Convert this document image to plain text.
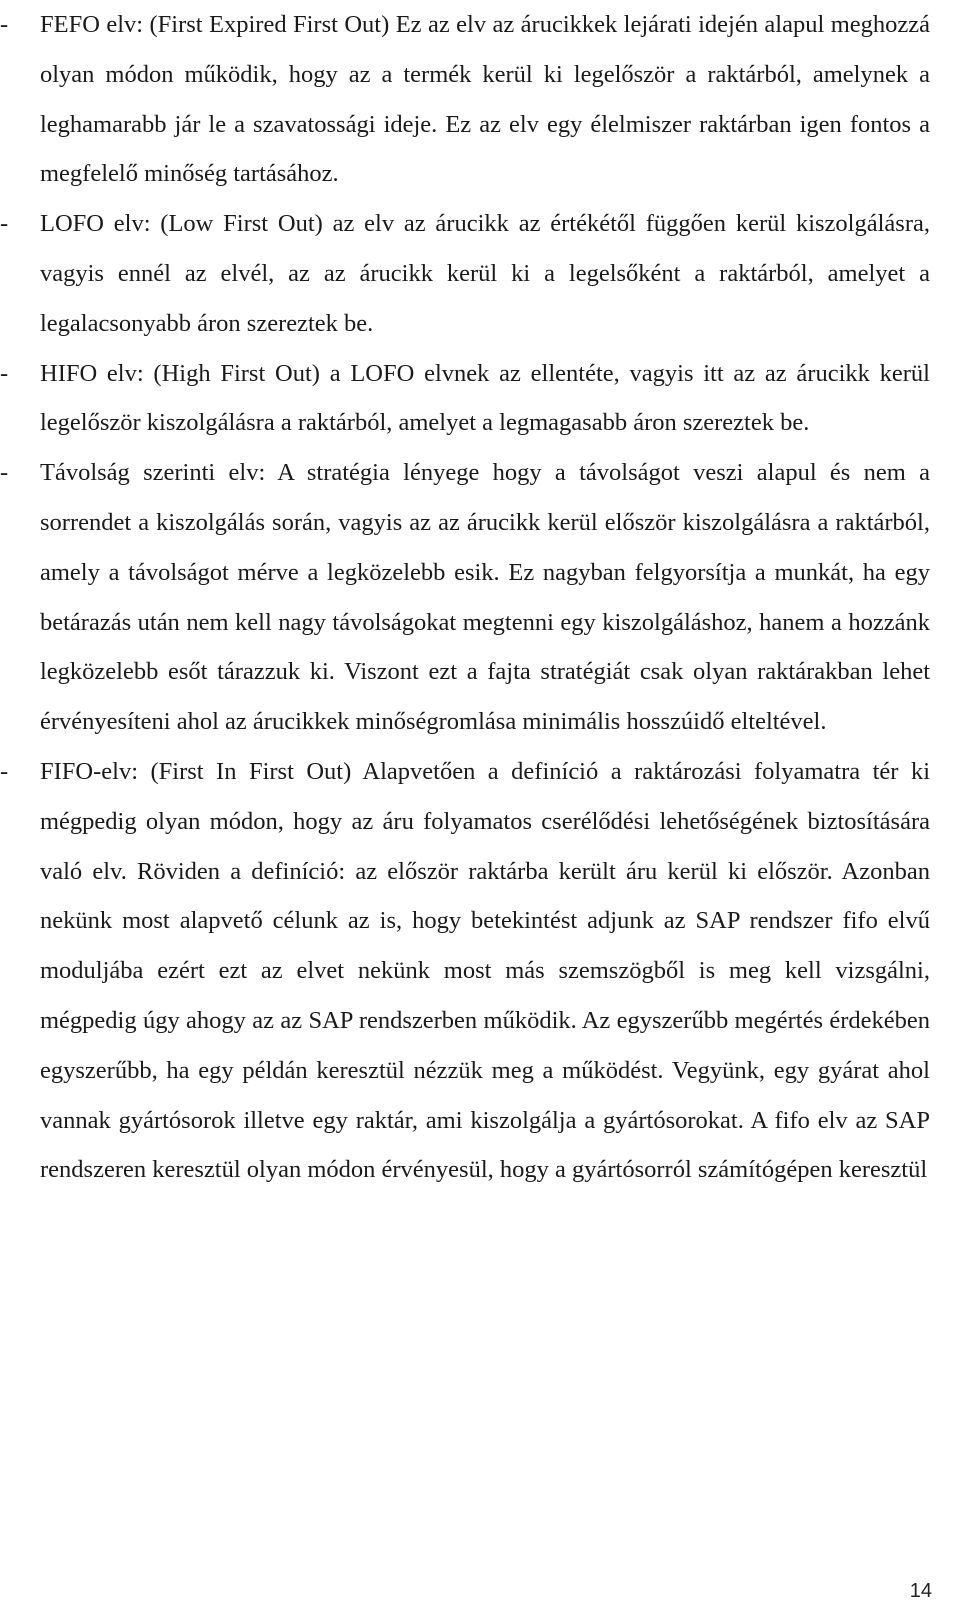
- FEFO elv: (First Expired First Out) Ez az elv az árucikkek lejárati idején alapul meghozzá olyan módon működik, hogy az a termék kerül ki legelőször a raktárból, amelynek a leghamarabb jár le a szavatossági ideje. Ez az elv egy élelmiszer raktárban igen fontos a megfelelő minőség tartásához.
- LOFO elv: (Low First Out) az elv az árucikk az értékétől függően kerül kiszolgálásra, vagyis ennél az elvél, az az árucikk kerül ki a legelsőként a raktárból, amelyet a legalacsonyabb áron szereztek be.
- HIFO elv: (High First Out) a LOFO elvnek az ellentéte, vagyis itt az az árucikk kerül legelőször kiszolgálásra a raktárból, amelyet a legmagasabb áron szereztek be.
- Távolság szerinti elv: A stratégia lényege hogy a távolságot veszi alapul és nem a sorrendet a kiszolgálás során, vagyis az az árucikk kerül először kiszolgálásra a raktárból, amely a távolságot mérve a legközelebb esik. Ez nagyban felgyorsítja a munkát, ha egy betárazás után nem kell nagy távolságokat megtenni egy kiszolgáláshoz, hanem a hozzánk legközelebb esőt tárazzuk ki. Viszont ezt a fajta stratégiát csak olyan raktárakban lehet érvényesíteni ahol az árucikkek minőségromlása minimális hosszúidő elteltével.
- FIFO-elv: (First In First Out) Alapvetően a definíció a raktározási folyamatra tér ki mégpedig olyan módon, hogy az áru folyamatos cserélődési lehetőségének biztosítására való elv. Röviden a definíció: az először raktárba került áru kerül ki először. Azonban nekünk most alapvető célunk az is, hogy betekintést adjunk az SAP rendszer fifo elvű moduljába ezért ezt az elvet nekünk most más szemszögből is meg kell vizsgálni, mégpedig úgy ahogy az az SAP rendszerben működik. Az egyszerűbb megértés érdekében egyszerűbb, ha egy példán keresztül nézzük meg a működést. Vegyünk, egy gyárat ahol vannak gyártósorok illetve egy raktár, ami kiszolgálja a gyártósorokat. A fifo elv az SAP rendszeren keresztül olyan módon érvényesül, hogy a gyártósorról számítógépen keresztül
14
